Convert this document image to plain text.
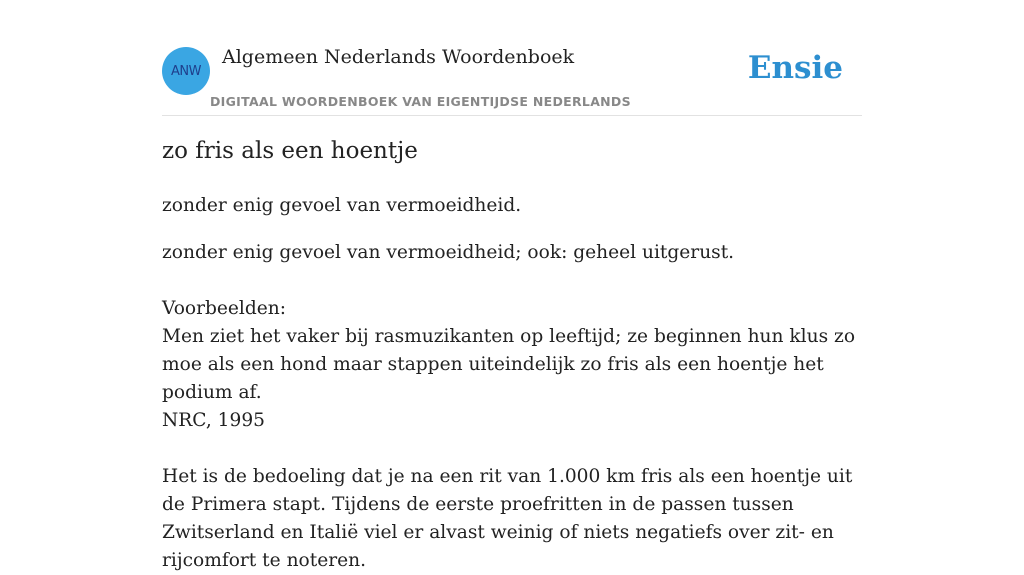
ANW
Algemeen Nederlands Woordenboek
DIGITAAL WOORDENBOEK VAN EIGENTIJDSE NEDERLANDS
Ensie
zo fris als een hoentje
zonder enig gevoel van vermoeidheid.
zonder enig gevoel van vermoeidheid; ook: geheel uitgerust.

Voorbeelden:

Men ziet het vaker bij rasmuzikanten op leeftijd; ze beginnen hun klus zo moe als een hond maar stappen uiteindelijk zo fris als een hoentje het podium af.

NRC, 1995

Het is de bedoeling dat je na een rit van 1.000 km fris als een hoentje uit de Primera stapt. Tijdens de eerste proefritten in de passen tussen Zwitserland en Italië viel er alvast weinig of niets negatiefs over zit- en rijcomfort te noteren.
